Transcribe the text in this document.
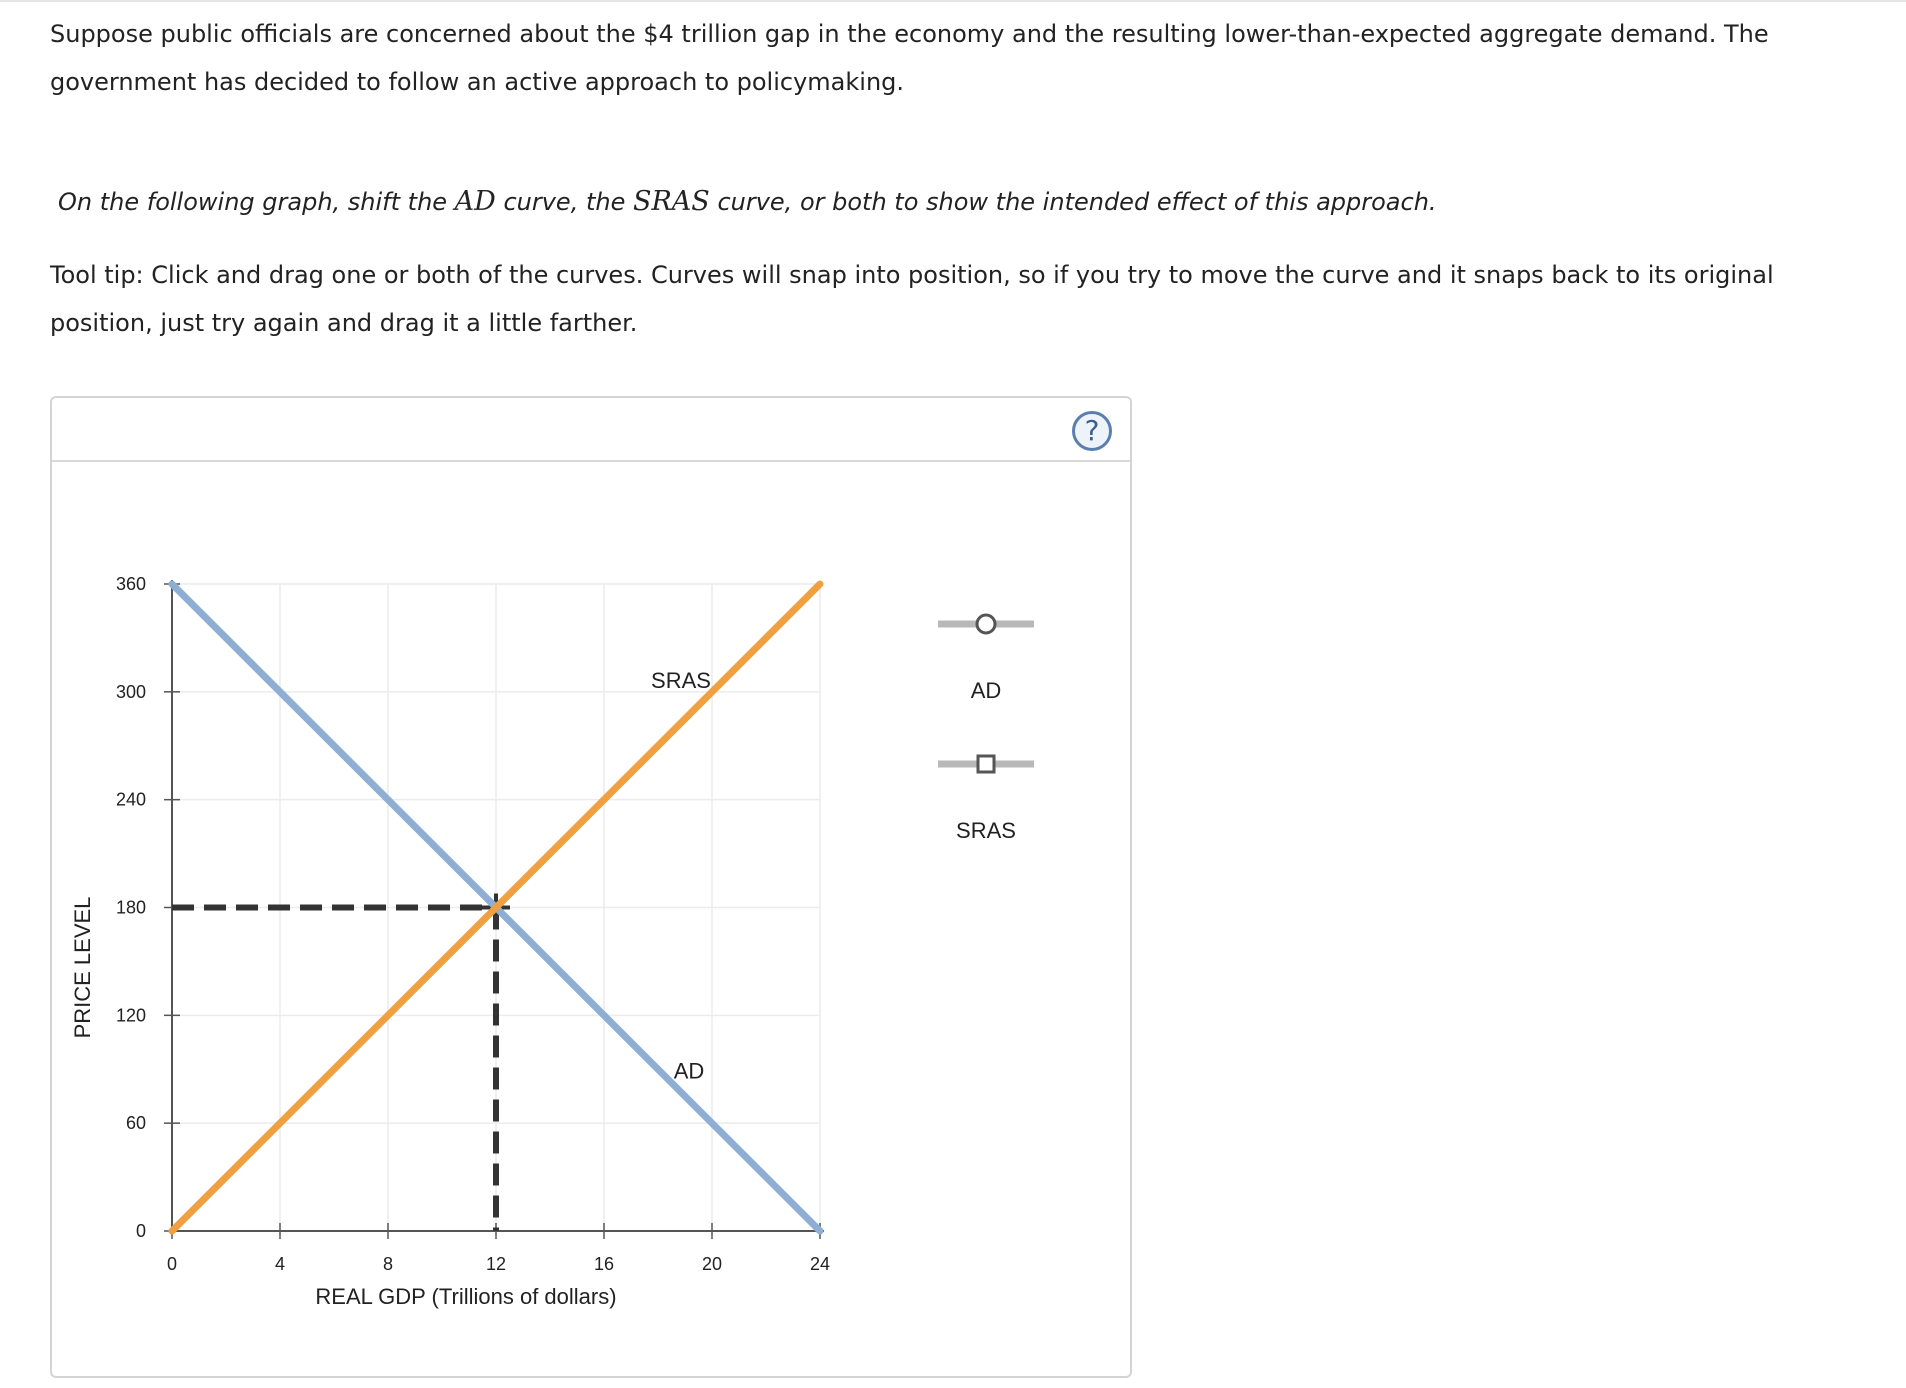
Suppose public officials are concerned about the $4 trillion gap in the economy and the resulting lower-than-expected aggregate demand. The government has decided to follow an active approach to policymaking.

On the following graph, shift the AD curve, the SRAS curve, or both to show the intended effect of this approach.

Tool tip: Click and drag one or both of the curves. Curves will snap into position, so if you try to move the curve and it snaps back to its original position, just try again and drag it a little farther.

?
0	4	8	12	16	20	24
0
60
120
180
240
300
360
REAL GDP (Trillions of dollars)
PRICE LEVEL
SRAS
AD
AD
SRAS
